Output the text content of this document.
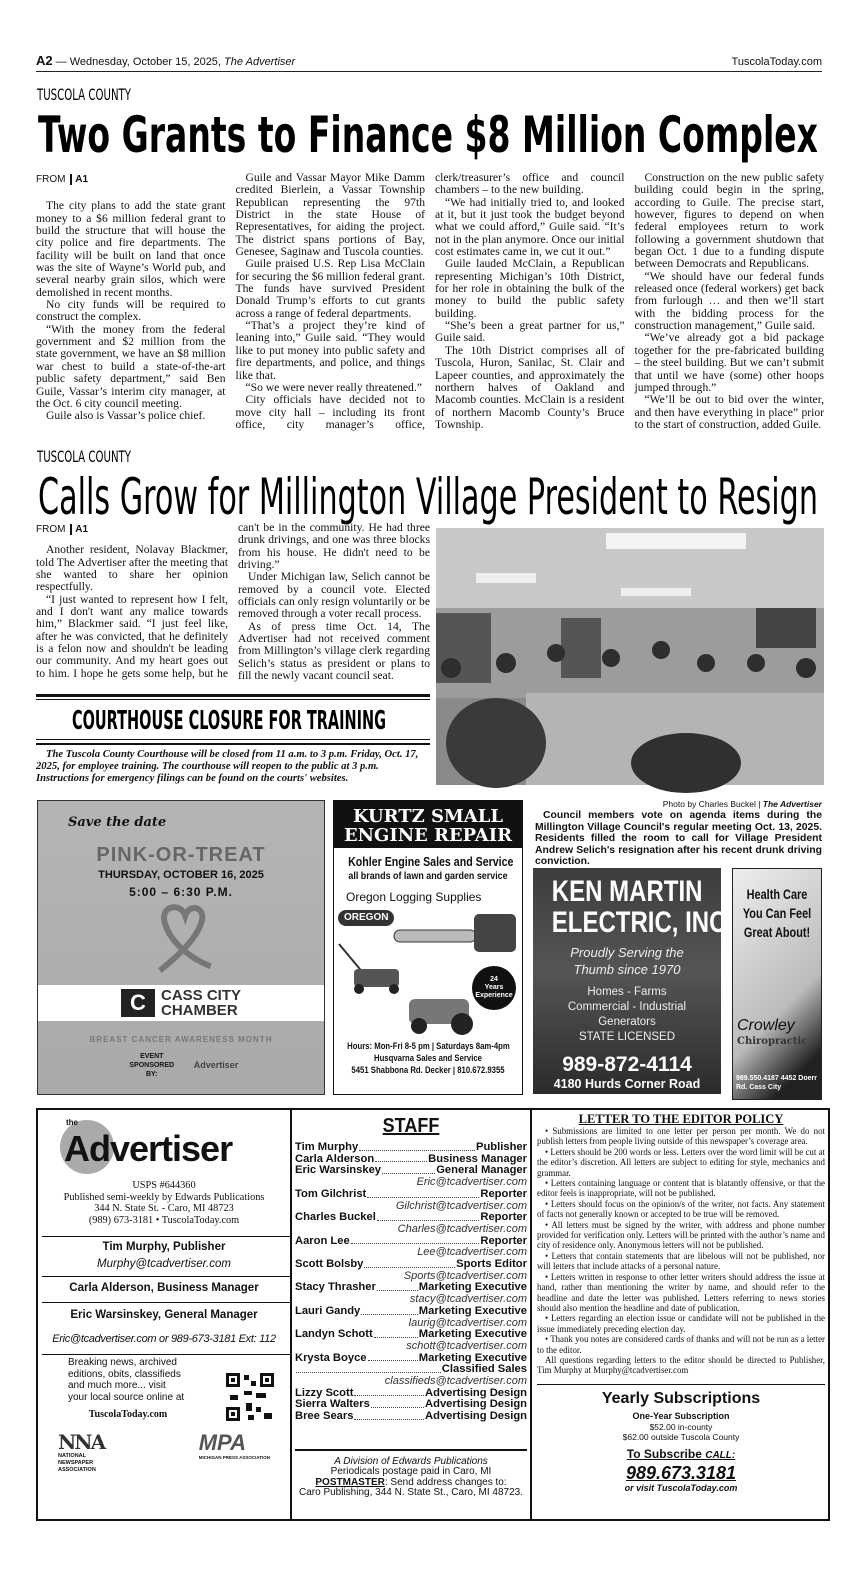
A2 — Wednesday, October 15, 2025, The Advertiser	TuscolaToday.com
TUSCOLA COUNTY
Two Grants to Finance $8 Million Complex
FROM A1

The city plans to add the state grant money to a $6 million federal grant to build the structure that will house the city police and fire departments. The facility will be built on land that once was the site of Wayne’s World pub, and several nearby grain silos, which were demolished in recent months.

No city funds will be required to construct the complex.

“With the money from the federal government and $2 million from the state government, we have an $8 million war chest to build a state-of-the-art public safety department,” said Ben Guile, Vassar’s interim city manager, at the Oct. 6 city council meeting.

Guile also is Vassar’s police chief.

Guile and Vassar Mayor Mike Damm credited Bierlein, a Vassar Township Republican representing the 97th District in the state House of Representatives, for aiding the project. The district spans portions of Bay, Genesee, Saginaw and Tuscola counties.

Guile praised U.S. Rep Lisa McClain for securing the $6 million federal grant. The funds have survived President Donald Trump’s efforts to cut grants across a range of federal departments.

“That’s a project they’re kind of leaning into,” Guile said. “They would like to put money into public safety and fire departments, and police, and things like that.

“So we were never really threatened.”

City officials have decided not to move city hall – including its front office, city manager’s office, clerk/treasurer’s office and council chambers – to the new building.

“We had initially tried to, and looked at it, but it just took the budget beyond what we could afford,” Guile said. “It’s not in the plan anymore. Once our initial cost estimates came in, we cut it out.”

Guile lauded McClain, a Republican representing Michigan’s 10th District, for her role in obtaining the bulk of the money to build the public safety building.

“She’s been a great partner for us,” Guile said.

The 10th District comprises all of Tuscola, Huron, Sanilac, St. Clair and Lapeer counties, and approximately the northern halves of Oakland and Macomb counties. McClain is a resident of northern Macomb County’s Bruce Township.

Construction on the new public safety building could begin in the spring, according to Guile. The precise start, however, figures to depend on when federal employees return to work following a government shutdown that began Oct. 1 due to a funding dispute between Democrats and Republicans.

“We should have our federal funds released once (federal workers) get back from furlough … and then we’ll start with the bidding process for the construction management,” Guile said.

“We’ve already got a bid package together for the pre-fabricated building – the steel building. But we can’t submit that until we have (some) other hoops jumped through.”

“We’ll be out to bid over the winter, and then have everything in place” prior to the start of construction, added Guile.

TUSCOLA COUNTY
Calls Grow for Millington Village President to Resign
FROM A1

Another resident, Nolavay Blackmer, told The Advertiser after the meeting that she wanted to share her opinion respectfully.

“I just wanted to represent how I felt, and I don't want any malice towards him,” Blackmer said. “I just feel like, after he was convicted, that he definitely is a felon now and shouldn't be leading our community. And my heart goes out to him. I hope he gets some help, but he can't be in the community. He had three drunk drivings, and one was three blocks from his house. He didn't need to be driving.”

Under Michigan law, Selich cannot be removed by a council vote. Elected officials can only resign voluntarily or be removed through a voter recall process.

As of press time Oct. 14, The Advertiser had not received comment from Millington’s village clerk regarding Selich’s status as president or plans to fill the newly vacant council seat.

COURTHOUSE CLOSURE FOR TRAINING
The Tuscola County Courthouse will be closed from 11 a.m. to 3 p.m. Friday, Oct. 17, 2025, for employee training. The courthouse will reopen to the public at 3 p.m. Instructions for emergency filings can be found on the courts' websites.
Photo by Charles Buckel | The Advertiser
Council members vote on agenda items during the Millington Village Council's regular meeting Oct. 13, 2025. Residents filled the room to call for Village President Andrew Selich's resignation after his recent drunk driving conviction.
Save the date
PINK-OR-TREAT
THURSDAY, OCTOBER 16, 2025
5:00 – 6:30 P.M.
C	CASS CITY
CHAMBER
BREAST CANCER AWARENESS MONTH
EVENT SPONSORED BY:
Advertiser
KURTZ SMALL
ENGINE REPAIR
Kohler Engine Sales and Service
all brands of lawn and garden service
Oregon Logging Supplies
OREGON
24
Years
Experience
Hours: Mon-Fri 8-5 pm | Saturdays 8am-4pm
Husqvarna Sales and Service
5451 Shabbona Rd. Decker | 810.672.9355
KEN MARTIN
ELECTRIC, INC
Proudly Serving the
Thumb since 1970
Homes - Farms
Commercial - Industrial
Generators
STATE LICENSED
989-872-4114
4180 Hurds Corner Road
Health Care
You Can Feel
Great About!
Crowley
Chiropractic
989.550.4187 4452 Doerr Rd. Cass City
the
Advertiser
USPS #644360
Published semi-weekly by Edwards Publications
344 N. State St. - Caro, MI 48723
(989) 673-3181 • TuscolaToday.com
Tim Murphy, Publisher
Murphy@tcadvertiser.com
Carla Alderson, Business Manager
Eric Warsinskey, General Manager
Eric@tcadvertiser.com or 989-673-3181 Ext: 112
Breaking news, archived editions, obits, classifieds and much more... visit your local source online at
TuscolaToday.com
NNA
NATIONAL NEWSPAPER ASSOCIATION
MPA
MICHIGAN PRESS ASSOCIATION
STAFF
Tim Murphy	Publisher
Carla Alderson	Business Manager
Eric Warsinskey	General Manager
Eric@tcadvertiser.com
Tom Gilchrist	Reporter
Gilchrist@tcadvertiser.com
Charles Buckel	Reporter
Charles@tcadvertiser.com
Aaron Lee	Reporter
Lee@tcadvertiser.com
Scott Bolsby	Sports Editor
Sports@tcadvertiser.com
Stacy Thrasher	Marketing Executive
stacy@tcadvertiser.com
Lauri Gandy	Marketing Executive
laurig@tcadvertiser.com
Landyn Schott	Marketing Executive
schott@tcadvertiser.com
Krysta Boyce	Marketing Executive
Classified Sales
classifieds@tcadvertiser.com
Lizzy Scott	Advertising Design
Sierra Walters	Advertising Design
Bree Sears	Advertising Design
A Division of Edwards Publications
Periodicals postage paid in Caro, MI
POSTMASTER: Send address changes to:
Caro Publishing, 344 N. State St., Caro, MI 48723.
LETTER TO THE EDITOR POLICY

• Submissions are limited to one letter per person per month. We do not publish letters from people living outside of this newspaper’s coverage area.

• Letters should be 200 words or less. Letters over the word limit will be cut at the editor’s discretion. All letters are subject to editing for style, mechanics and grammar.

• Letters containing language or content that is blatantly offensive, or that the editor feels is inappropriate, will not be published.

• Letters should focus on the opinion/s of the writer, not facts. Any statement of facts not generally known or accepted to be true will be removed.

• All letters must be signed by the writer, with address and phone number provided for verification only. Letters will be printed with the author’s name and city of residence only. Anonymous letters will not be published.

• Letters that contain statements that are libelous will not be published, nor will letters that include attacks of a personal nature.

• Letters written in response to other letter writers should address the issue at hand, rather than mentioning the writer by name, and should refer to the headline and date the letter was published. Letters referring to news stories should also mention the headline and date of publication.

• Letters regarding an election issue or candidate will not be published in the issue immediately preceding election day.

• Thank you notes are considered cards of thanks and will not be run as a letter to the editor.

All questions regarding letters to the editor should be directed to Publisher, Tim Murphy at Murphy@tcadvertiser.com

Yearly Subscriptions
One-Year Subscription
$52.00 in-county
$62.00 outside Tuscola County
To Subscribe CALL:
989.673.3181
or visit TuscolaToday.com
